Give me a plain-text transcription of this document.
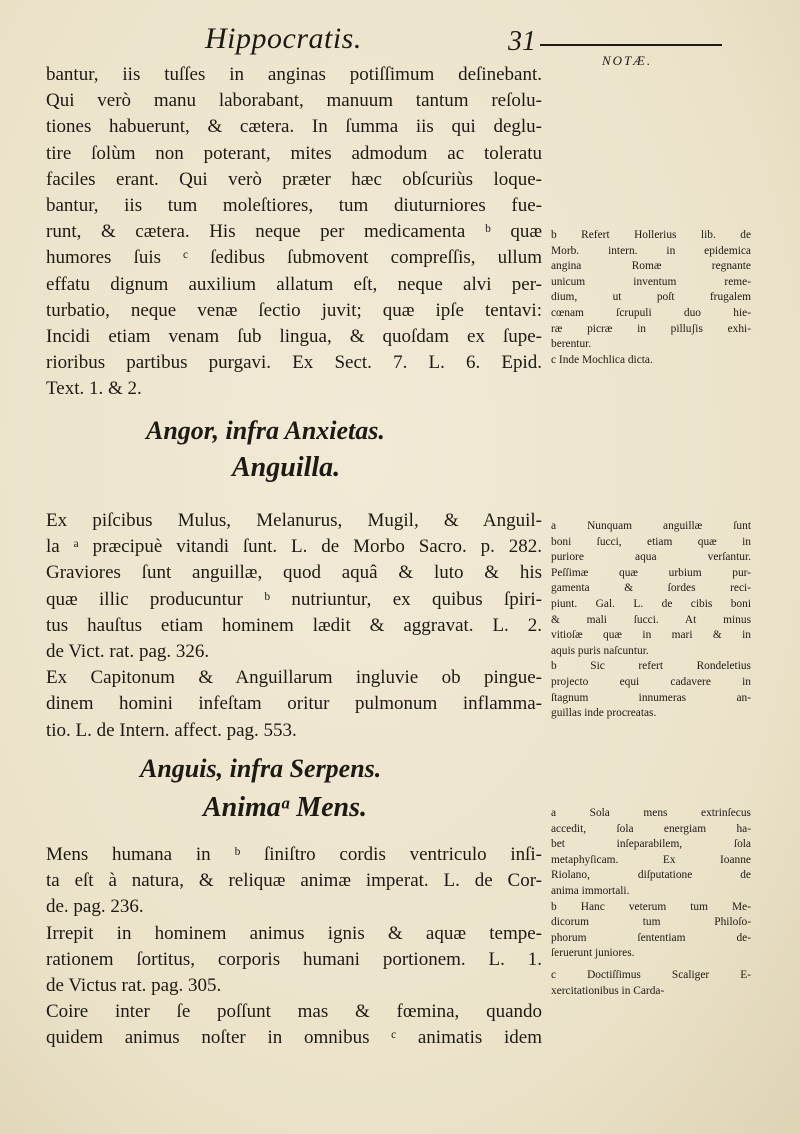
Hippocratis.	31
NOTÆ.
bantur, iis tuſſes in anginas potiſſimum deſinebant.
Qui verò manu laborabant, manuum tantum reſolu-
tiones habuerunt, & cætera. In ſumma iis qui deglu-
tire ſolùm non poterant, mites admodum ac toleratu
faciles erant. Qui verò præter hæc obſcuriùs loque-
bantur, iis tum moleſtiores, tum diuturniores fue-
runt, & cætera. His neque per medicamenta ᵇ quæ
humores ſuis ᶜ ſedibus ſubmovent compreſſis, ullum
effatu dignum auxilium allatum eſt, neque alvi per-
turbatio, neque venæ ſectio juvit; quæ ipſe tentavi:
Incidi etiam venam ſub lingua, & quoſdam ex ſupe-
rioribus partibus purgavi. Ex Sect. 7. L. 6. Epid.
Text. 1. & 2.
b Refert Hollerius lib. de
Morb. intern. in epidemica
angina Romæ regnante
unicum inventum reme-
dium, ut poſt frugalem
cœnam ſcrupuli duo hie-
ræ picræ in pilluʃis exhi-
berentur.
c Inde Mochlica dicta.
Angor, infra Anxietas.
Anguilla.
Ex piſcibus Mulus, Melanurus, Mugil, & Anguil-
la ᵃ præcipuè vitandi ſunt. L. de Morbo Sacro. p. 282.
Graviores ſunt anguillæ, quod aquâ & luto & his
quæ illic producuntur ᵇ nutriuntur, ex quibus ſpiri-
tus hauſtus etiam hominem lædit & aggravat. L. 2.
de Vict. rat. pag. 326.
Ex Capitonum & Anguillarum ingluvie ob pingue-
dinem homini infeſtam oritur pulmonum inflamma-
tio. L. de Intern. affect. pag. 553.
a Nunquam anguillæ ſunt
boni ſucci, etiam quæ in
puriore aqua verſantur.
Peſſimæ quæ urbium pur-
gamenta & ſordes reci-
piunt. Gal. L. de cibis boni
& mali ſucci. At minus
vitioſæ quæ in mari & in
aquis puris naſcuntur.
b Sic refert Rondeletius
projecto equi cadavere in
ſtagnum innumeras an-
guillas inde procreatas.
Anguis, infra Serpens.
Animaᵃ Mens.
Mens humana in ᵇ ſiniſtro cordis ventriculo inſi-
ta eſt à natura, & reliquæ animæ imperat. L. de Cor-
de. pag. 236.
Irrepit in hominem animus ignis & aquæ tempe-
rationem ſortitus, corporis humani portionem. L. 1.
de Victus rat. pag. 305.
Coire inter ſe poſſunt mas & fœmina, quando
quidem animus noſter in omnibus ᶜ animatis idem
a Sola mens extrinſecus
accedit, ſola energiam ha-
bet inſeparabilem, ſola
metaphyſicam. Ex Ioanne
Riolano, diſputatione de
anima immortali.
b Hanc veterum tum Me-
dicorum tum Philoſo-
phorum ſententiam de-
ſeruerunt juniores.
c Doctiſſimus Scaliger E-
xercitationibus in Carda-
